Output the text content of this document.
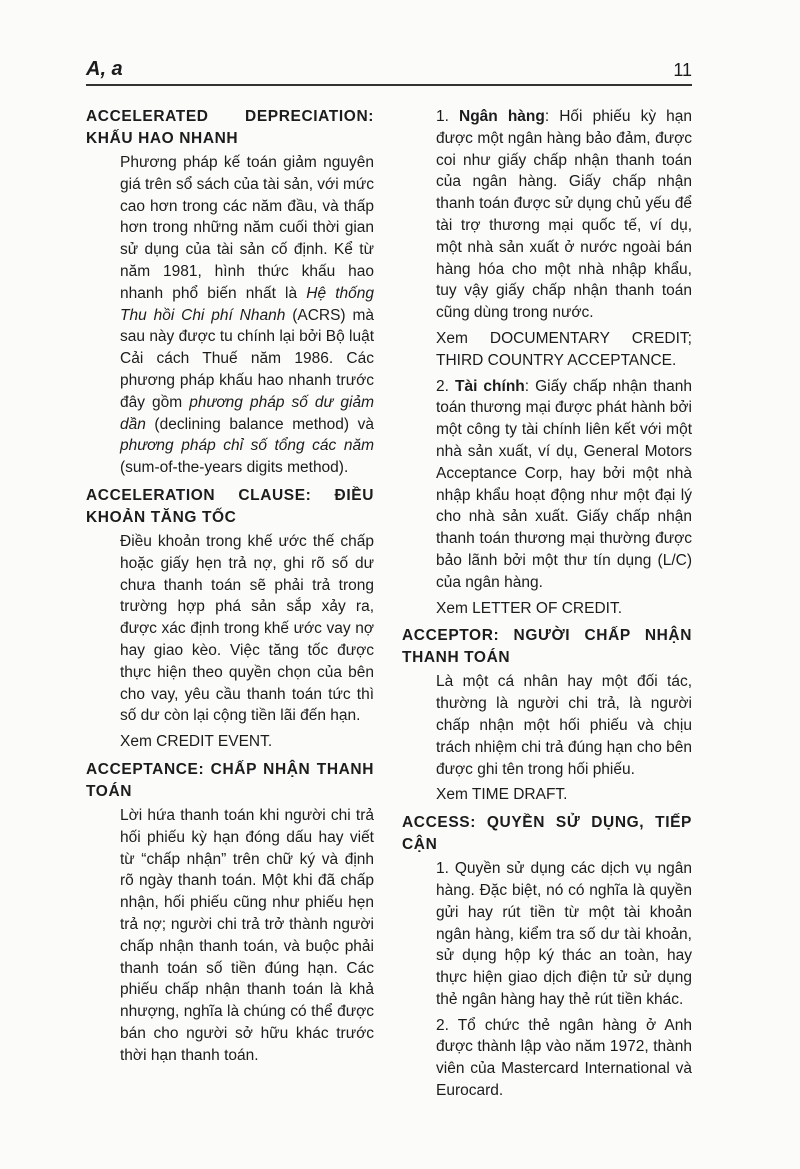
A, a	11
ACCELERATED DEPRECIATION: KHẤU HAO NHANH

Phương pháp kế toán giảm nguyên giá trên sổ sách của tài sản, với mức cao hơn trong các năm đầu, và thấp hơn trong những năm cuối thời gian sử dụng của tài sản cố định. Kể từ năm 1981, hình thức khấu hao nhanh phổ biến nhất là Hệ thống Thu hồi Chi phí Nhanh (ACRS) mà sau này được tu chính lại bởi Bộ luật Cải cách Thuế năm 1986. Các phương pháp khấu hao nhanh trước đây gồm phương pháp số dư giảm dần (declining balance method) và phương pháp chỉ số tổng các năm (sum-of-the-years digits method).

ACCELERATION CLAUSE: ĐIỀU KHOẢN TĂNG TỐC

Điều khoản trong khế ước thế chấp hoặc giấy hẹn trả nợ, ghi rõ số dư chưa thanh toán sẽ phải trả trong trường hợp phá sản sắp xảy ra, được xác định trong khế ước vay nợ hay giao kèo. Việc tăng tốc được thực hiện theo quyền chọn của bên cho vay, yêu cầu thanh toán tức thì số dư còn lại cộng tiền lãi đến hạn.

Xem CREDIT EVENT.

ACCEPTANCE: CHẤP NHẬN THANH TOÁN

Lời hứa thanh toán khi người chi trả hối phiếu kỳ hạn đóng dấu hay viết từ “chấp nhận” trên chữ ký và định rõ ngày thanh toán. Một khi đã chấp nhận, hối phiếu cũng như phiếu hẹn trả nợ; người chi trả trở thành người chấp nhận thanh toán, và buộc phải thanh toán số tiền đúng hạn. Các phiếu chấp nhận thanh toán là khả nhượng, nghĩa là chúng có thể được bán cho người sở hữu khác trước thời hạn thanh toán.

1. Ngân hàng: Hối phiếu kỳ hạn được một ngân hàng bảo đảm, được coi như giấy chấp nhận thanh toán của ngân hàng. Giấy chấp nhận thanh toán được sử dụng chủ yếu để tài trợ thương mại quốc tế, ví dụ, một nhà sản xuất ở nước ngoài bán hàng hóa cho một nhà nhập khẩu, tuy vậy giấy chấp nhận thanh toán cũng dùng trong nước.

Xem DOCUMENTARY CREDIT; THIRD COUNTRY ACCEPTANCE.

2. Tài chính: Giấy chấp nhận thanh toán thương mại được phát hành bởi một công ty tài chính liên kết với một nhà sản xuất, ví dụ, General Motors Acceptance Corp, hay bởi một nhà nhập khẩu hoạt động như một đại lý cho nhà sản xuất. Giấy chấp nhận thanh toán thương mại thường được bảo lãnh bởi một thư tín dụng (L/C) của ngân hàng.

Xem LETTER OF CREDIT.

ACCEPTOR: NGƯỜI CHẤP NHẬN THANH TOÁN

Là một cá nhân hay một đối tác, thường là người chi trả, là người chấp nhận một hối phiếu và chịu trách nhiệm chi trả đúng hạn cho bên được ghi tên trong hối phiếu.

Xem TIME DRAFT.

ACCESS: QUYỀN SỬ DỤNG, TIẾP CẬN

1. Quyền sử dụng các dịch vụ ngân hàng. Đặc biệt, nó có nghĩa là quyền gửi hay rút tiền từ một tài khoản ngân hàng, kiểm tra số dư tài khoản, sử dụng hộp ký thác an toàn, hay thực hiện giao dịch điện tử sử dụng thẻ ngân hàng hay thẻ rút tiền khác.

2. Tổ chức thẻ ngân hàng ở Anh được thành lập vào năm 1972, thành viên của Mastercard International và Eurocard.
